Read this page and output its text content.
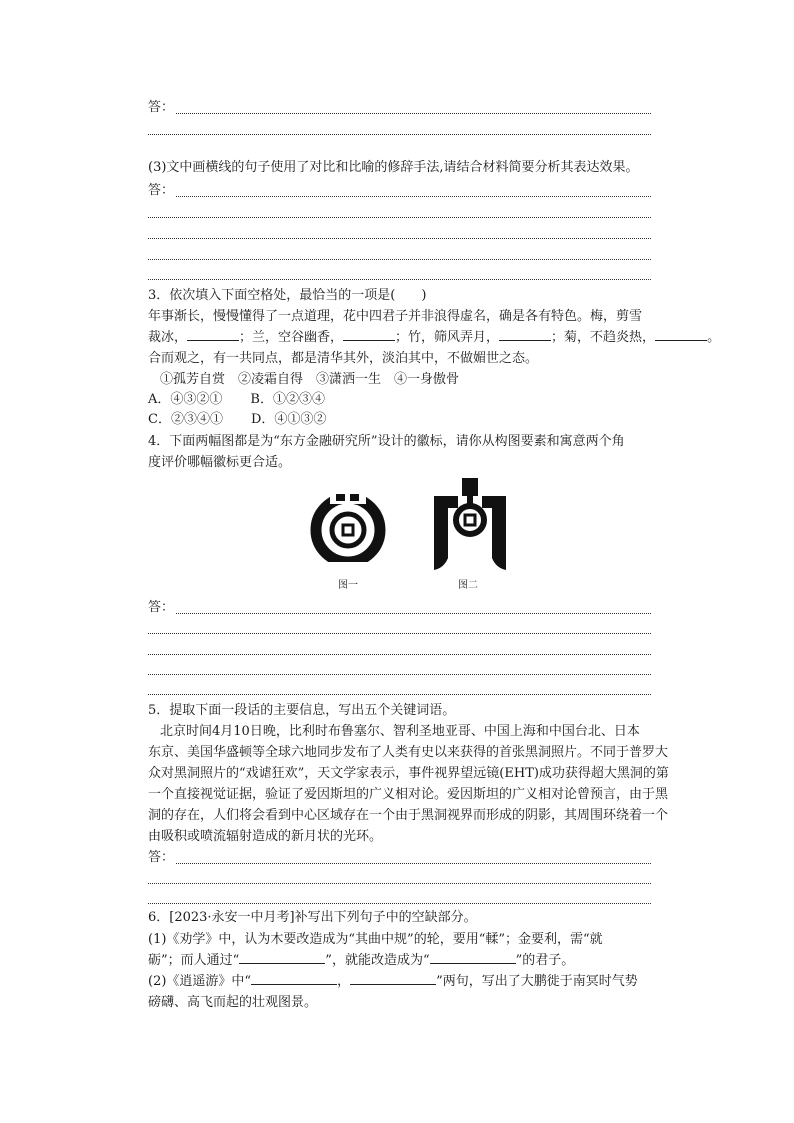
答：
(3)文中画横线的句子使用了对比和比喻的修辞手法,请结合材料简要分析其表达效果。
答：
3．依次填入下面空格处，最恰当的一项是(　　)
年事渐长，慢慢懂得了一点道理，花中四君子并非浪得虚名，确是各有特色。梅，剪雪
裁冰，	；兰，空谷幽香，	；竹，筛风弄月，	；菊，不趋炎热，	。
合而观之，有一共同点，都是清华其外，淡泊其中，不做媚世之态。
①孤芳自赏　②凌霜自得　③潇洒一生　④一身傲骨
A．④③②① B．①②③④
C．②③④① D．④①③②
4．下面两幅图都是为“东方金融研究所”设计的徽标，请你从构图要素和寓意两个角
度评价哪幅徽标更合适。
图一	图二
答：
5．提取下面一段话的主要信息，写出五个关键词语。
北京时间4月10日晚，比利时布鲁塞尔、智利圣地亚哥、中国上海和中国台北、日本
东京、美国华盛顿等全球六地同步发布了人类有史以来获得的首张黑洞照片。不同于普罗大
众对黑洞照片的“戏谑狂欢”，天文学家表示，事件视界望远镜(EHT)成功获得超大黑洞的第
一个直接视觉证据，验证了爱因斯坦的广义相对论。爱因斯坦的广义相对论曾预言，由于黑
洞的存在，人们将会看到中心区域存在一个由于黑洞视界而形成的阴影，其周围环绕着一个
由吸积或喷流辐射造成的新月状的光环。
答：
6．[2023·永安一中月考]补写出下列句子中的空缺部分。
(1)《劝学》中，认为木要改造成为“其曲中规”的轮，要用“輮”；金要利，需“就
砺”；而人通过“	”，就能改造成为“	”的君子。
(2)《逍遥游》中“	，	”两句，写出了大鹏徙于南冥时气势
磅礴、高飞而起的壮观图景。
